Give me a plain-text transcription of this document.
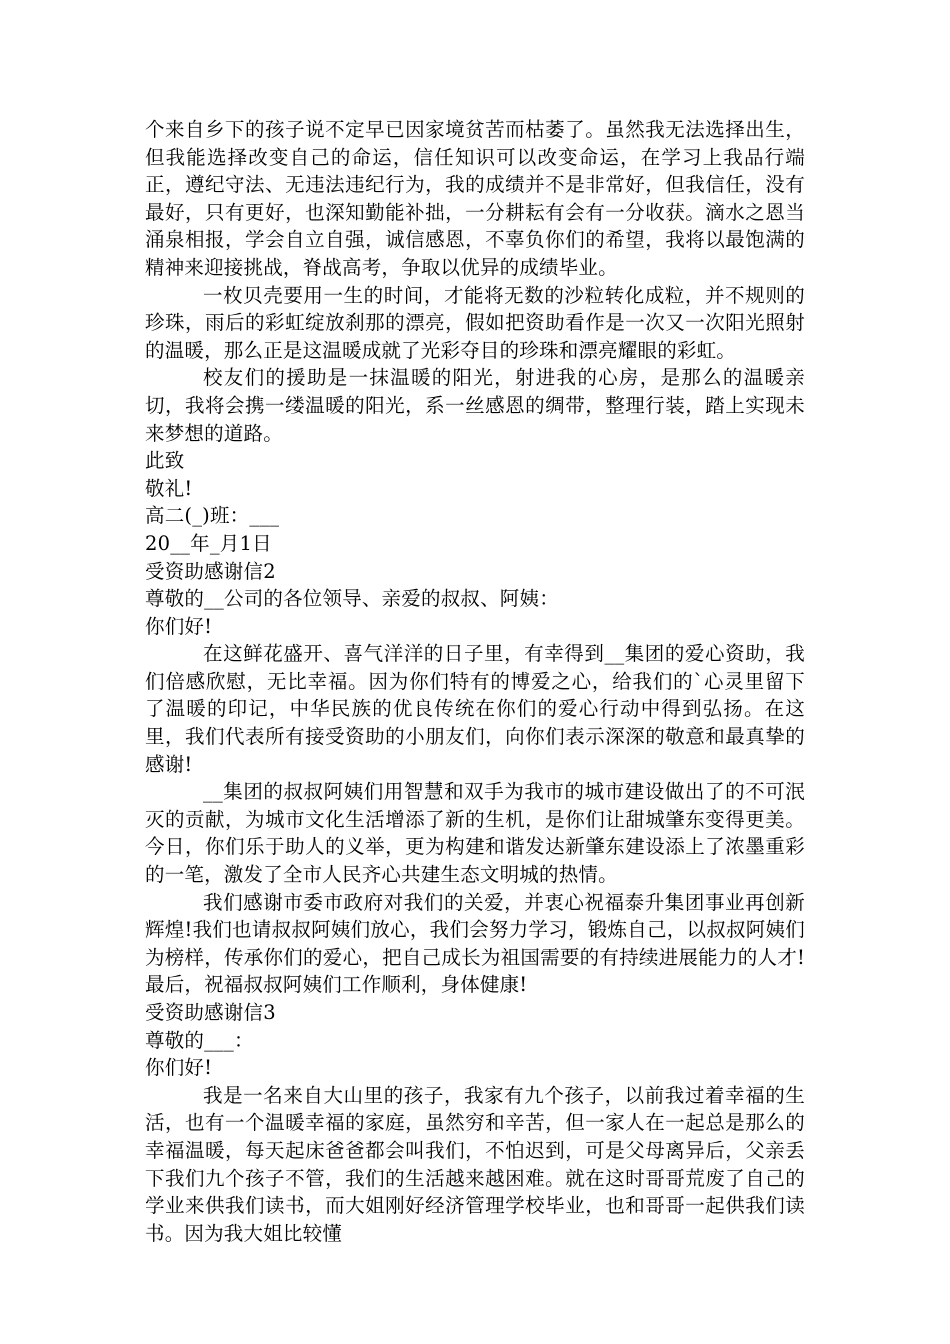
个来自乡下的孩子说不定早已因家境贫苦而枯萎了。虽然我无法选择出生，但我能选择改变自己的命运，信任知识可以改变命运，在学习上我品行端正，遵纪守法、无违法违纪行为，我的成绩并不是非常好，但我信任，没有最好，只有更好，也深知勤能补拙，一分耕耘有会有一分收获。滴水之恩当涌泉相报，学会自立自强，诚信感恩，不辜负你们的希望，我将以最饱满的精神来迎接挑战，脊战高考，争取以优异的成绩毕业。

一枚贝壳要用一生的时间，才能将无数的沙粒转化成粒，并不规则的珍珠，雨后的彩虹绽放刹那的漂亮，假如把资助看作是一次又一次阳光照射的温暖，那么正是这温暖成就了光彩夺目的珍珠和漂亮耀眼的彩虹。

校友们的援助是一抹温暖的阳光，射进我的心房，是那么的温暖亲切，我将会携一缕温暖的阳光，系一丝感恩的绸带，整理行装，踏上实现未来梦想的道路。

此致

敬礼!

高二(_)班：___

20__年_月1日

受资助感谢信2

尊敬的__公司的各位领导、亲爱的叔叔、阿姨：

你们好!

在这鲜花盛开、喜气洋洋的日子里，有幸得到__集团的爱心资助，我们倍感欣慰，无比幸福。因为你们特有的博爱之心，给我们的`心灵里留下了温暖的印记，中华民族的优良传统在你们的爱心行动中得到弘扬。在这里，我们代表所有接受资助的小朋友们，向你们表示深深的敬意和最真挚的感谢!

__集团的叔叔阿姨们用智慧和双手为我市的城市建设做出了的不可泯灭的贡献，为城市文化生活增添了新的生机，是你们让甜城肇东变得更美。今日，你们乐于助人的义举，更为构建和谐发达新肇东建设添上了浓墨重彩的一笔，激发了全市人民齐心共建生态文明城的热情。

我们感谢市委市政府对我们的关爱，并衷心祝福泰升集团事业再创新辉煌!我们也请叔叔阿姨们放心，我们会努力学习，锻炼自己，以叔叔阿姨们为榜样，传承你们的爱心，把自己成长为祖国需要的有持续进展能力的人才!最后，祝福叔叔阿姨们工作顺利，身体健康!

受资助感谢信3

尊敬的___：

你们好!

我是一名来自大山里的孩子，我家有九个孩子，以前我过着幸福的生活，也有一个温暖幸福的家庭，虽然穷和辛苦，但一家人在一起总是那么的幸福温暖，每天起床爸爸都会叫我们，不怕迟到，可是父母离异后，父亲丢下我们九个孩子不管，我们的生活越来越困难。就在这时哥哥荒废了自己的学业来供我们读书，而大姐刚好经济管理学校毕业，也和哥哥一起供我们读书。因为我大姐比较懂
